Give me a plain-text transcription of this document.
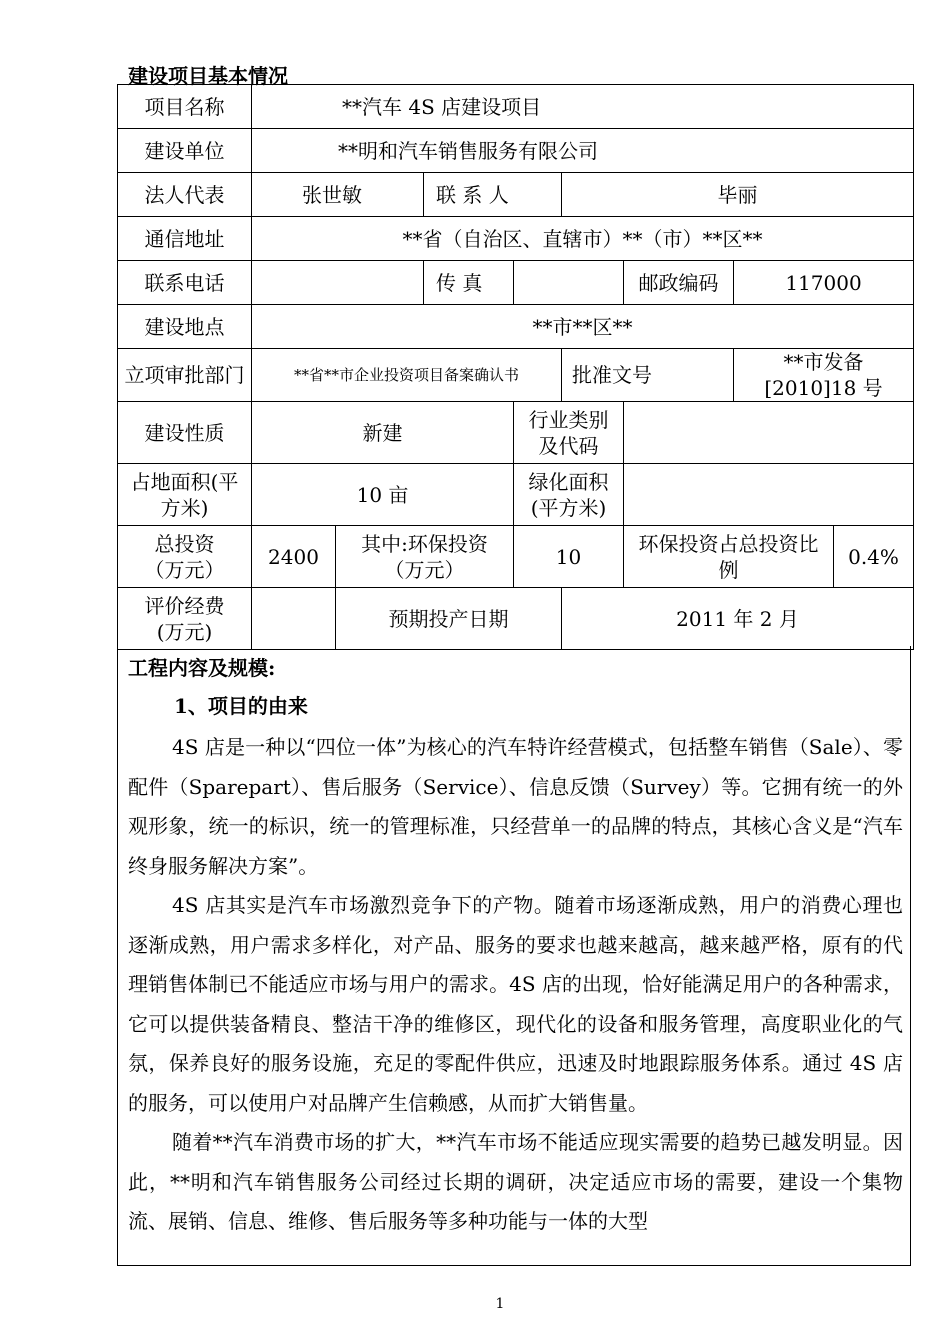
建设项目基本情况
项目名称	**汽车 4S 店建设项目							
建设单位	**明和汽车销售服务有限公司							
法人代表	张世敏		联 系 人		毕丽			
通信地址	**省（自治区、直辖市）**（市）**区**							
联系电话			传 真			邮政编码	117000	
建设地点	**市**区**							
立项审批部门	**省**市企业投资项目备案确认书				批准文号		**市发备[2010]18 号	
建设性质	新建			行业类别及代码				
占地面积(平方米)	10 亩			绿化面积(平方米)				
总投资（万元）	2400	其中:环保投资（万元）		10		环保投资占总投资比例		0.4%
评价经费(万元)		预期投产日期			2011 年 2 月			
工程内容及规模:
1、项目的由来

4S 店是一种以“四位一体”为核心的汽车特许经营模式，包括整车销售（Sale）、零配件（Sparepart）、售后服务（Service）、信息反馈（Survey）等。它拥有统一的外观形象，统一的标识，统一的管理标准，只经营单一的品牌的特点，其核心含义是“汽车终身服务解决方案”。

4S 店其实是汽车市场激烈竞争下的产物。随着市场逐渐成熟，用户的消费心理也逐渐成熟，用户需求多样化，对产品、服务的要求也越来越高，越来越严格，原有的代理销售体制已不能适应市场与用户的需求。4S 店的出现，恰好能满足用户的各种需求，它可以提供装备精良、整洁干净的维修区，现代化的设备和服务管理，高度职业化的气氛，保养良好的服务设施，充足的零配件供应，迅速及时地跟踪服务体系。通过 4S 店的服务，可以使用户对品牌产生信赖感，从而扩大销售量。

随着**汽车消费市场的扩大，**汽车市场不能适应现实需要的趋势已越发明显。因此，**明和汽车销售服务公司经过长期的调研，决定适应市场的需要，建设一个集物流、展销、信息、维修、售后服务等多种功能与一体的大型

1
